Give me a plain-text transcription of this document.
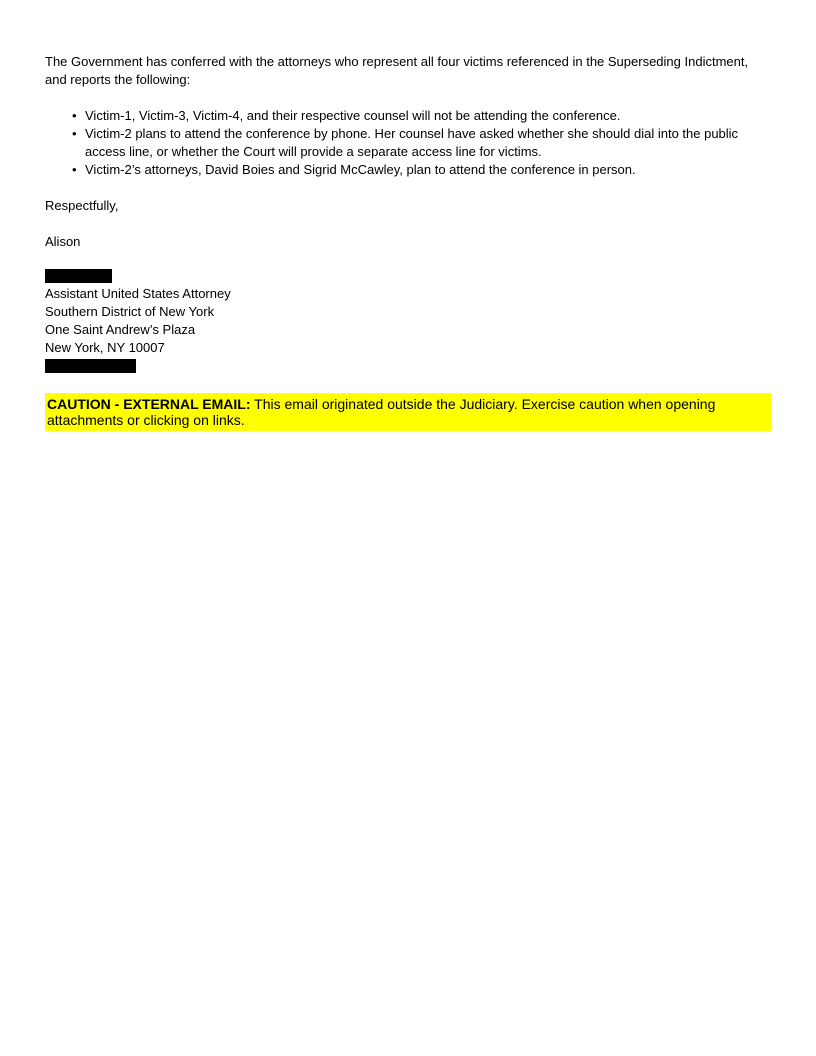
The Government has conferred with the attorneys who represent all four victims referenced in the Superseding Indictment, and reports the following:

• Victim-1, Victim-3, Victim-4, and their respective counsel will not be attending the conference.
• Victim-2 plans to attend the conference by phone. Her counsel have asked whether she should dial into the public access line, or whether the Court will provide a separate access line for victims.
• Victim-2’s attorneys, David Boies and Sigrid McCawley, plan to attend the conference in person.

Respectfully,

Alison

Assistant United States Attorney
Southern District of New York
One Saint Andrew’s Plaza
New York, NY 10007
CAUTION - EXTERNAL EMAIL: This email originated outside the Judiciary. Exercise caution when opening attachments or clicking on links.
